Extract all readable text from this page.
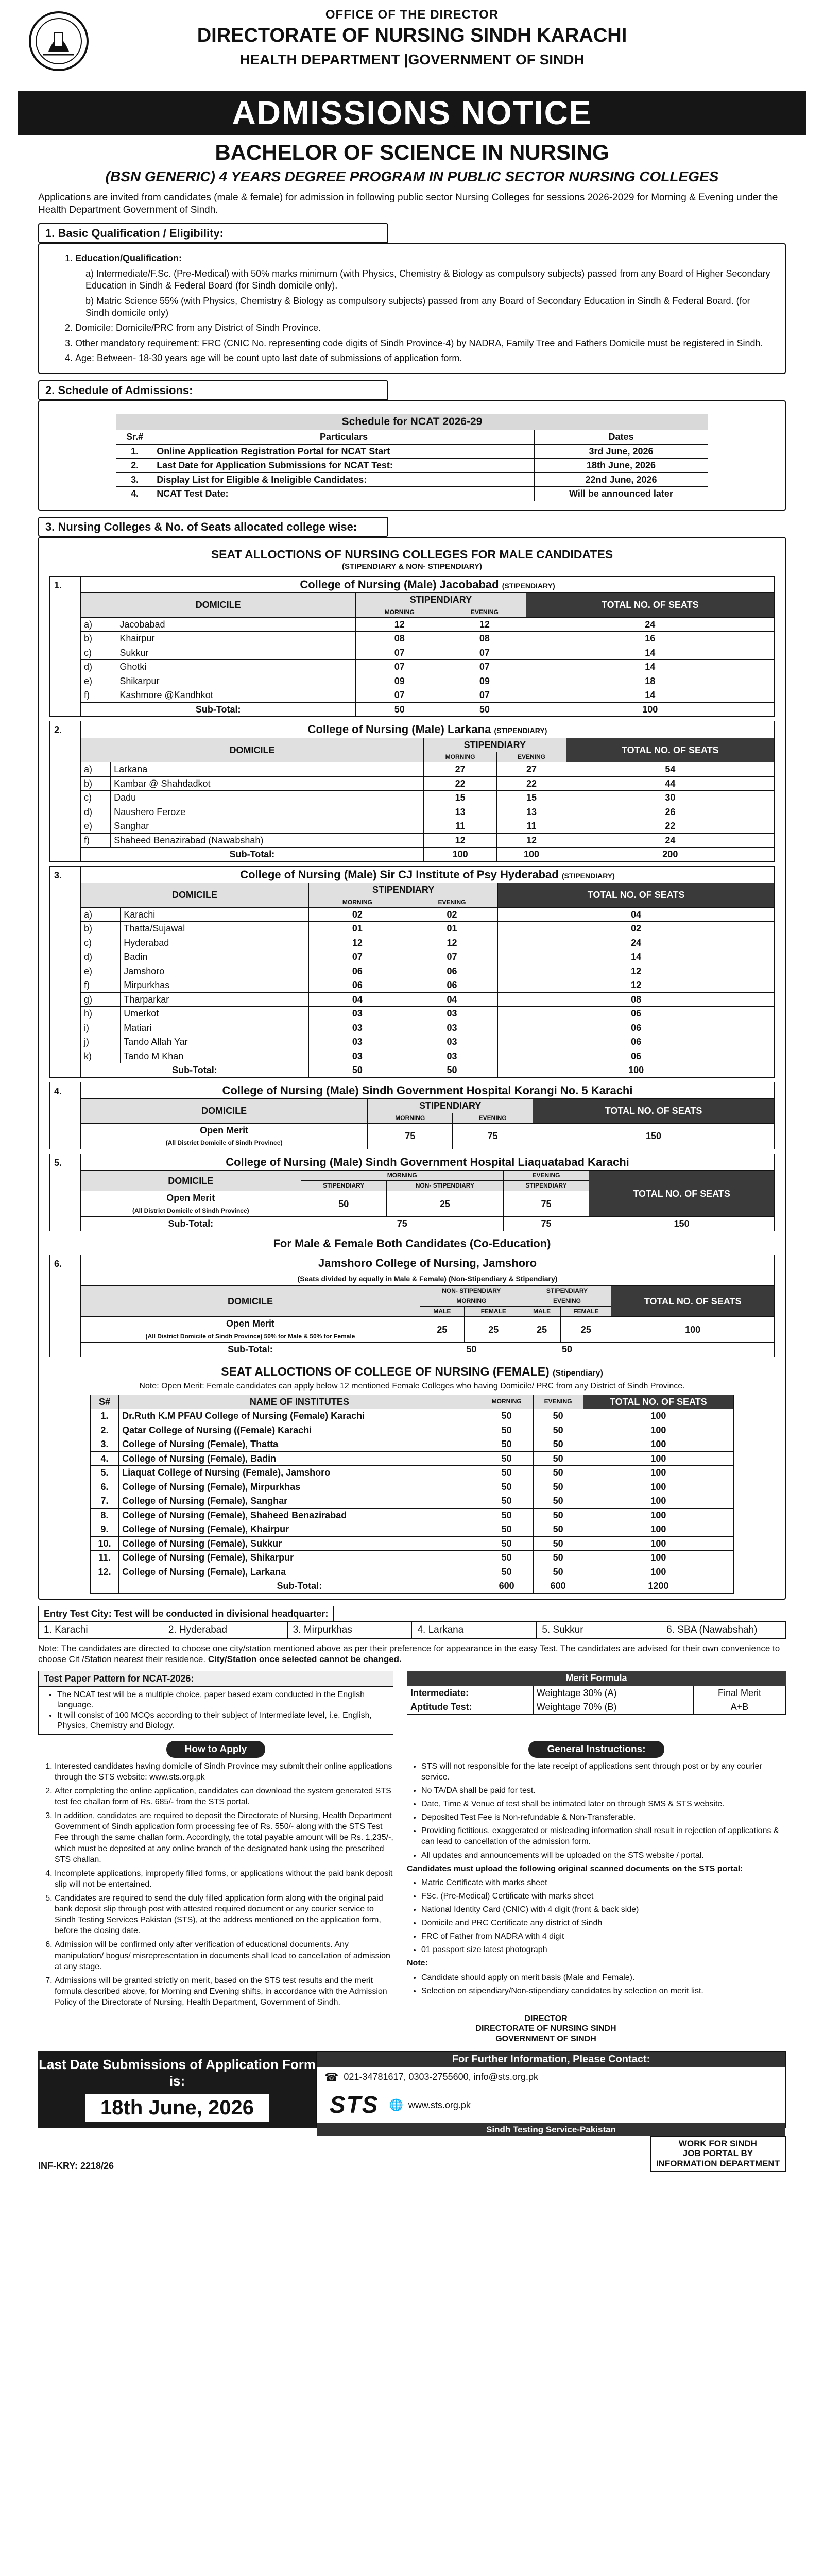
OFFICE OF THE DIRECTOR
DIRECTORATE OF NURSING SINDH KARACHI
HEALTH DEPARTMENT |GOVERNMENT OF SINDH
ADMISSIONS NOTICE
BACHELOR OF SCIENCE IN NURSING
(BSN GENERIC) 4 YEARS DEGREE PROGRAM IN PUBLIC SECTOR NURSING COLLEGES
Applications are invited from candidates (male & female) for admission in following public sector Nursing Colleges for sessions 2026-2029 for Morning & Evening under the Health Department Government of Sindh.
1. Basic Qualification / Eligibility:
1. Education/Qualification:
a) Intermediate/F.Sc. (Pre-Medical) with 50% marks minimum (with Physics, Chemistry & Biology as compulsory subjects) passed from any Board of Higher Secondary Education in Sindh & Federal Board (for Sindh domicile only).
b) Matric Science 55% (with Physics, Chemistry & Biology as compulsory subjects) passed from any Board of Secondary Education in Sindh & Federal Board. (for Sindh domicile only)
2. Domicile: Domicile/PRC from any District of Sindh Province.
3. Other mandatory requirement: FRC (CNIC No. representing code digits of Sindh Province-4) by NADRA, Family Tree and Fathers Domicile must be registered in Sindh.
4. Age: Between- 18-30 years age will be count upto last date of submissions of application form.
2. Schedule of Admissions:
Schedule for NCAT 2026-29		
Sr.#	Particulars	Dates
1.	Online Application Registration Portal for NCAT Start	3rd June, 2026
2.	Last Date for Application Submissions for NCAT Test:	18th June, 2026
3.	Display List for Eligible & Ineligible Candidates:	22nd June, 2026
4.	NCAT Test Date:	Will be announced later
3. Nursing Colleges & No. of Seats allocated college wise:
SEAT ALLOCTIONS OF NURSING COLLEGES FOR MALE CANDIDATES
(STIPENDIARY & NON- STIPENDIARY)
1.	College of Nursing (Male) Jacobabad (STIPENDIARY)				
DOMICILE		STIPENDIARY		TOTAL NO. OF SEATS
		MORNING	EVENING	
a)	Jacobabad	12	12	24
b)	Khairpur	08	08	16
c)	Sukkur	07	07	14
d)	Ghotki	07	07	14
e)	Shikarpur	09	09	18
f)	Kashmore @Kandhkot	07	07	14
Sub-Total:		50	50	100
2.	College of Nursing (Male) Larkana (STIPENDIARY)				
DOMICILE		STIPENDIARY		TOTAL NO. OF SEATS
		MORNING	EVENING	
a)	Larkana	27	27	54
b)	Kambar @ Shahdadkot	22	22	44
c)	Dadu	15	15	30
d)	Naushero Feroze	13	13	26
e)	Sanghar	11	11	22
f)	Shaheed Benazirabad (Nawabshah)	12	12	24
Sub-Total:		100	100	200
3.	College of Nursing (Male) Sir CJ Institute of Psy Hyderabad (STIPENDIARY)				
DOMICILE		STIPENDIARY		TOTAL NO. OF SEATS
		MORNING	EVENING	
a)	Karachi	02	02	04
b)	Thatta/Sujawal	01	01	02
c)	Hyderabad	12	12	24
d)	Badin	07	07	14
e)	Jamshoro	06	06	12
f)	Mirpurkhas	06	06	12
g)	Tharparkar	04	04	08
h)	Umerkot	03	03	06
i)	Matiari	03	03	06
j)	Tando Allah Yar	03	03	06
k)	Tando M Khan	03	03	06
Sub-Total:		50	50	100
4.	College of Nursing (Male) Sindh Government Hospital Korangi No. 5 Karachi			
DOMICILE	STIPENDIARY		TOTAL NO. OF SEATS
	MORNING	EVENING	
Open Merit
(All District Domicile of Sindh Province)	75	75	150
5.	College of Nursing (Male) Sindh Government Hospital Liaquatabad Karachi				
DOMICILE	MORNING		EVENING	TOTAL NO. OF SEATS
	STIPENDIARY	NON- STIPENDIARY	STIPENDIARY	
Open Merit
(All District Domicile of Sindh Province)	50	25	75	
Sub-Total:	75		75	150
For Male & Female Both Candidates (Co-Education)
6.	Jamshoro College of Nursing, Jamshoro
(Seats divided by equally in Male & Female) (Non-Stipendiary & Stipendiary)					
DOMICILE	NON- STIPENDIARY		STIPENDIARY		TOTAL NO. OF SEATS
	MORNING		EVENING		
	MALE	FEMALE	MALE	FEMALE	
Open Merit
(All District Domicile of Sindh Province) 50% for Male & 50% for Female	25	25	25	25	100
Sub-Total:	50		50		
SEAT ALLOCTIONS OF COLLEGE OF NURSING (FEMALE) (Stipendiary)
Note: Open Merit: Female candidates can apply below 12 mentioned Female Colleges who having Domicile/ PRC from any District of Sindh Province.
S#	NAME OF INSTITUTES	MORNING	EVENING	TOTAL NO. OF SEATS
1.	Dr.Ruth K.M PFAU College of Nursing (Female) Karachi	50	50	100
2.	Qatar College of Nursing ((Female) Karachi	50	50	100
3.	College of Nursing (Female), Thatta	50	50	100
4.	College of Nursing (Female), Badin	50	50	100
5.	Liaquat College of Nursing (Female), Jamshoro	50	50	100
6.	College of Nursing (Female), Mirpurkhas	50	50	100
7.	College of Nursing (Female), Sanghar	50	50	100
8.	College of Nursing (Female), Shaheed Benazirabad	50	50	100
9.	College of Nursing (Female), Khairpur	50	50	100
10.	College of Nursing (Female), Sukkur	50	50	100
11.	College of Nursing (Female), Shikarpur	50	50	100
12.	College of Nursing (Female), Larkana	50	50	100
	Sub-Total:	600	600	1200
Entry Test City: Test will be conducted in divisional headquarter:
1. Karachi	2. Hyderabad	3. Mirpurkhas	4. Larkana	5. Sukkur	6. SBA (Nawabshah)
Note: The candidates are directed to choose one city/station mentioned above as per their preference for appearance in the easy Test. The candidates are advised for their own convenience to choose Cit /Station nearest their residence. City/Station once selected cannot be changed.
Test Paper Pattern for NCAT-2026:
• The NCAT test will be a multiple choice, paper based exam conducted in the English language.
• It will consist of 100 MCQs according to their subject of Intermediate level, i.e. English, Physics, Chemistry and Biology.
Merit Formula
Intermediate:	Weightage 30% (A)	Final Merit
Aptitude Test:	Weightage 70% (B)	A+B
How to Apply
1. Interested candidates having domicile of Sindh Province may submit their online applications through the STS website: www.sts.org.pk
2. After completing the online application, candidates can download the system generated STS test fee challan form of Rs. 685/- from the STS portal.
3. In addition, candidates are required to deposit the Directorate of Nursing, Health Department Government of Sindh application form processing fee of Rs. 550/- along with the STS Test Fee through the same challan form. Accordingly, the total payable amount will be Rs. 1,235/-, which must be deposited at any online branch of the designated bank using the prescribed STS challan.
4. Incomplete applications, improperly filled forms, or applications without the paid bank deposit slip will not be entertained.
5. Candidates are required to send the duly filled application form along with the original paid bank deposit slip through post with attested required document or any courier service to Sindh Testing Services Pakistan (STS), at the address mentioned on the application form, before the closing date.
6. Admission will be confirmed only after verification of educational documents. Any manipulation/ bogus/ misrepresentation in documents shall lead to cancellation of admission at any stage.
7. Admissions will be granted strictly on merit, based on the STS test results and the merit formula described above, for Morning and Evening shifts, in accordance with the Admission Policy of the Directorate of Nursing, Health Department, Government of Sindh.
General Instructions:
• STS will not responsible for the late receipt of applications sent through post or by any courier service.
• No TA/DA shall be paid for test.
• Date, Time & Venue of test shall be intimated later on through SMS & STS website.
• Deposited Test Fee is Non-refundable & Non-Transferable.
• Providing fictitious, exaggerated or misleading information shall result in rejection of applications & can lead to cancellation of the admission form.
• All updates and announcements will be uploaded on the STS website / portal.
Candidates must upload the following original scanned documents on the STS portal:
• Matric Certificate with marks sheet
• FSc. (Pre-Medical) Certificate with marks sheet
• National Identity Card (CNIC) with 4 digit (front & back side)
• Domicile and PRC Certificate any district of Sindh
• FRC of Father from NADRA with 4 digit
• 01 passport size latest photograph
Note:
• Candidate should apply on merit basis (Male and Female).
• Selection on stipendiary/Non-stipendiary candidates by selection on merit list.
DIRECTOR
DIRECTORATE OF NURSING SINDH
GOVERNMENT OF SINDH
Last Date Submissions of Application Form is:
18th June, 2026
For Further Information, Please Contact:
☎ 021-34781617, 0303-2755600, info@sts.org.pk
STS 🌐 www.sts.org.pk
Sindh Testing Service-Pakistan
INF-KRY: 2218/26
WORK FOR SINDH
JOB PORTAL BY
INFORMATION DEPARTMENT
